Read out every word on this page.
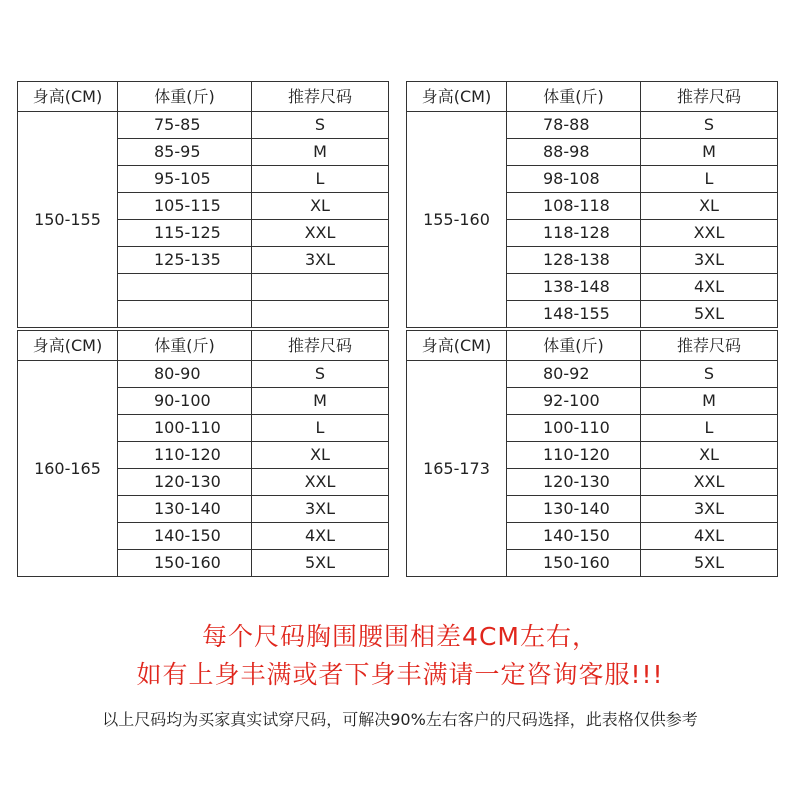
身高(CM)	体重(斤)	推荐尺码
150-155	75-85	S
	85-95	M
	95-105	L
	105-115	XL
	115-125	XXL
	125-135	3XL

身高(CM)	体重(斤)	推荐尺码
155-160	78-88	S
	88-98	M
	98-108	L
	108-118	XL
	118-128	XXL
	128-138	3XL
	138-148	4XL
	148-155	5XL
身高(CM)	体重(斤)	推荐尺码
160-165	80-90	S
	90-100	M
	100-110	L
	110-120	XL
	120-130	XXL
	130-140	3XL
	140-150	4XL
	150-160	5XL
身高(CM)	体重(斤)	推荐尺码
165-173	80-92	S
	92-100	M
	100-110	L
	110-120	XL
	120-130	XXL
	130-140	3XL
	140-150	4XL
	150-160	5XL
每个尺码胸围腰围相差4CM左右，
如有上身丰满或者下身丰满请一定咨询客服!!!
以上尺码均为买家真实试穿尺码，可解决90%左右客户的尺码选择，此表格仅供参考
